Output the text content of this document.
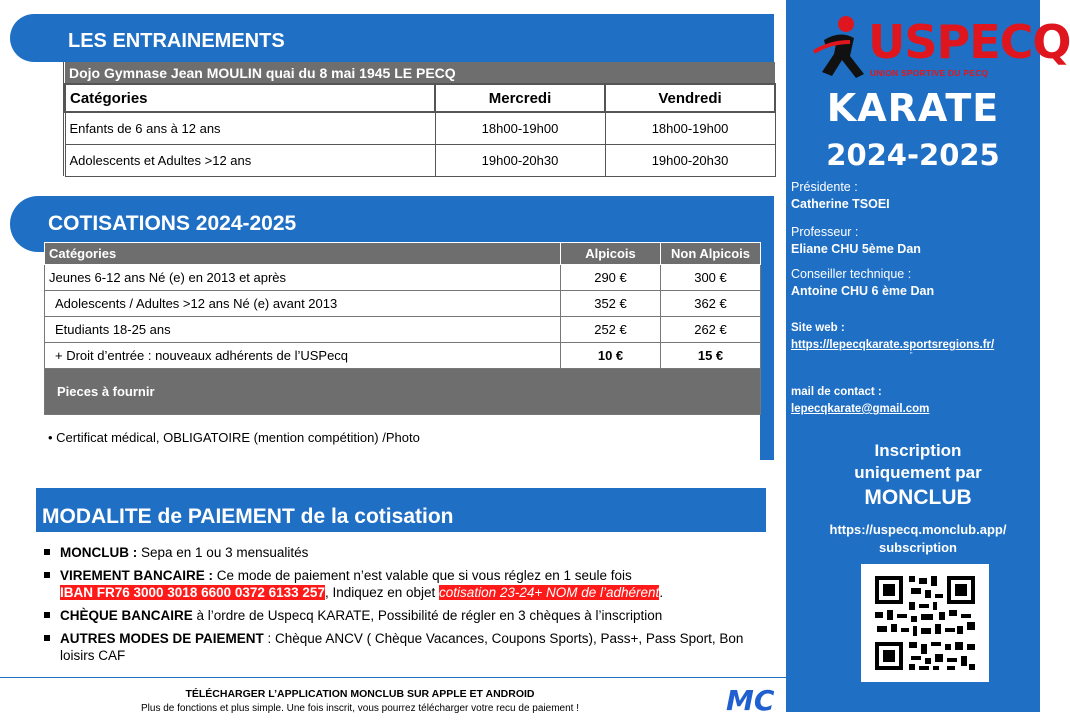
LES ENTRAINEMENTS
Dojo Gymnase Jean MOULIN quai du 8 mai 1945 LE PECQ		
Catégories	Mercredi	Vendredi
Enfants de 6 ans à 12 ans	18h00-19h00	18h00-19h00
Adolescents et Adultes >12 ans	19h00-20h30	19h00-20h30
COTISATIONS 2024-2025
Catégories	Alpicois	Non Alpicois
Jeunes 6-12 ans Né (e) en 2013 et après	290 €	300 €
Adolescents / Adultes >12 ans Né (e) avant 2013	352 €	362 €
Etudiants 18-25 ans	252 €	262 €
+ Droit d’entrée : nouveaux adhérents de l’USPecq	10 €	15 €
Pieces à fournir		
• Certificat médical, OBLIGATOIRE (mention compétition) /Photo
MODALITE de PAIEMENT de la cotisation
MONCLUB : Sepa en 1 ou 3 mensualités
VIREMENT BANCAIRE : Ce mode de paiement n’est valable que si vous réglez en 1 seule fois
IBAN FR76 3000 3018 6600 0372 6133 257, Indiquez en objet cotisation 23-24+ NOM de l’adhérent.
CHÈQUE BANCAIRE à l’ordre de Uspecq KARATE, Possibilité de régler en 3 chèques à l’inscription
AUTRES MODES DE PAIEMENT : Chèque ANCV ( Chèque Vacances, Coupons Sports), Pass+, Pass Sport, Bon loisirs CAF
TÉLÉCHARGER L’APPLICATION MONCLUB SUR APPLE ET ANDROID
Plus de fonctions et plus simple. Une fois inscrit, vous pourrez télécharger votre recu de paiement !	MC
USPECQ
UNION SPORTIVE DU PECQ
KARATE
2024-2025
Présidente :
Catherine TSOEI
Professeur :
Eliane CHU 5ème Dan
Conseiller technique :
Antoine CHU 6 ème Dan
Site web :
https://lepecqkarate.sportsregions.fr/
"
mail de contact :
lepecqkarate@gmail.com
Inscription
uniquement par
MONCLUB
https://uspecq.monclub.app/
subscription
